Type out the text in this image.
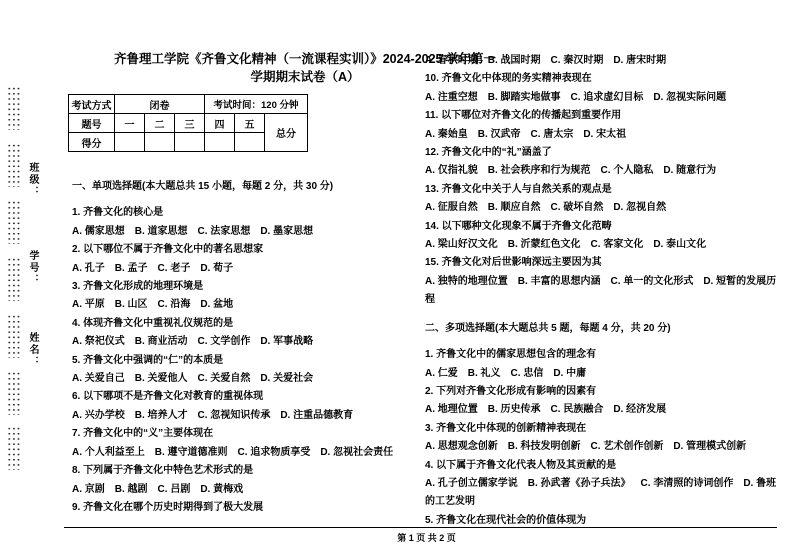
班级：
学号：
姓名：
齐鲁理工学院《齐鲁文化精神（一流课程实训）》2024-2025 学年第一
学期期末试卷（A）
考试方式	闭卷			考试时间：120 分钟		
题号	一	二	三	四	五	总分
得分						
一、单项选择题(本大题总共 15 小题，每题 2 分，共 30 分)
1. 齐鲁文化的核心是
A. 儒家思想  B. 道家思想  C. 法家思想  D. 墨家思想
2. 以下哪位不属于齐鲁文化中的著名思想家
A. 孔子  B. 孟子  C. 老子  D. 荀子
3. 齐鲁文化形成的地理环境是
A. 平原  B. 山区  C. 沿海  D. 盆地
4. 体现齐鲁文化中重视礼仪规范的是
A. 祭祀仪式  B. 商业活动  C. 文学创作  D. 军事战略
5. 齐鲁文化中强调的“仁”的本质是
A. 关爱自己  B. 关爱他人  C. 关爱自然  D. 关爱社会
6. 以下哪项不是齐鲁文化对教育的重视体现
A. 兴办学校  B. 培养人才  C. 忽视知识传承  D. 注重品德教育
7. 齐鲁文化中的“义”主要体现在
A. 个人利益至上  B. 遵守道德准则  C. 追求物质享受  D. 忽视社会责任
8. 下列属于齐鲁文化中特色艺术形式的是
A. 京剧  B. 越剧  C. 吕剧  D. 黄梅戏
9. 齐鲁文化在哪个历史时期得到了极大发展
A. 春秋时期  B. 战国时期  C. 秦汉时期  D. 唐宋时期
10. 齐鲁文化中体现的务实精神表现在
A. 注重空想  B. 脚踏实地做事  C. 追求虚幻目标  D. 忽视实际问题
11. 以下哪位对齐鲁文化的传播起到重要作用
A. 秦始皇  B. 汉武帝  C. 唐太宗  D. 宋太祖
12. 齐鲁文化中的“礼”涵盖了
A. 仅指礼貌  B. 社会秩序和行为规范  C. 个人隐私  D. 随意行为
13. 齐鲁文化中关于人与自然关系的观点是
A. 征服自然  B. 顺应自然  C. 破坏自然  D. 忽视自然
14. 以下哪种文化现象不属于齐鲁文化范畴
A. 梁山好汉文化  B. 沂蒙红色文化  C. 客家文化  D. 泰山文化
15. 齐鲁文化对后世影响深远主要因为其
A. 独特的地理位置  B. 丰富的思想内涵  C. 单一的文化形式  D. 短暂的发展历程
二、多项选择题(本大题总共 5 题，每题 4 分，共 20 分)
1. 齐鲁文化中的儒家思想包含的理念有
A. 仁爱  B. 礼义  C. 忠信  D. 中庸
2. 下列对齐鲁文化形成有影响的因素有
A. 地理位置  B. 历史传承  C. 民族融合  D. 经济发展
3. 齐鲁文化中体现的创新精神表现在
A. 思想观念创新  B. 科技发明创新  C. 艺术创作创新  D. 管理模式创新
4. 以下属于齐鲁文化代表人物及其贡献的是
A. 孔子创立儒家学说  B. 孙武著《孙子兵法》  C. 李清照的诗词创作  D. 鲁班的工艺发明
5. 齐鲁文化在现代社会的价值体现为
第 1 页 共 2 页
